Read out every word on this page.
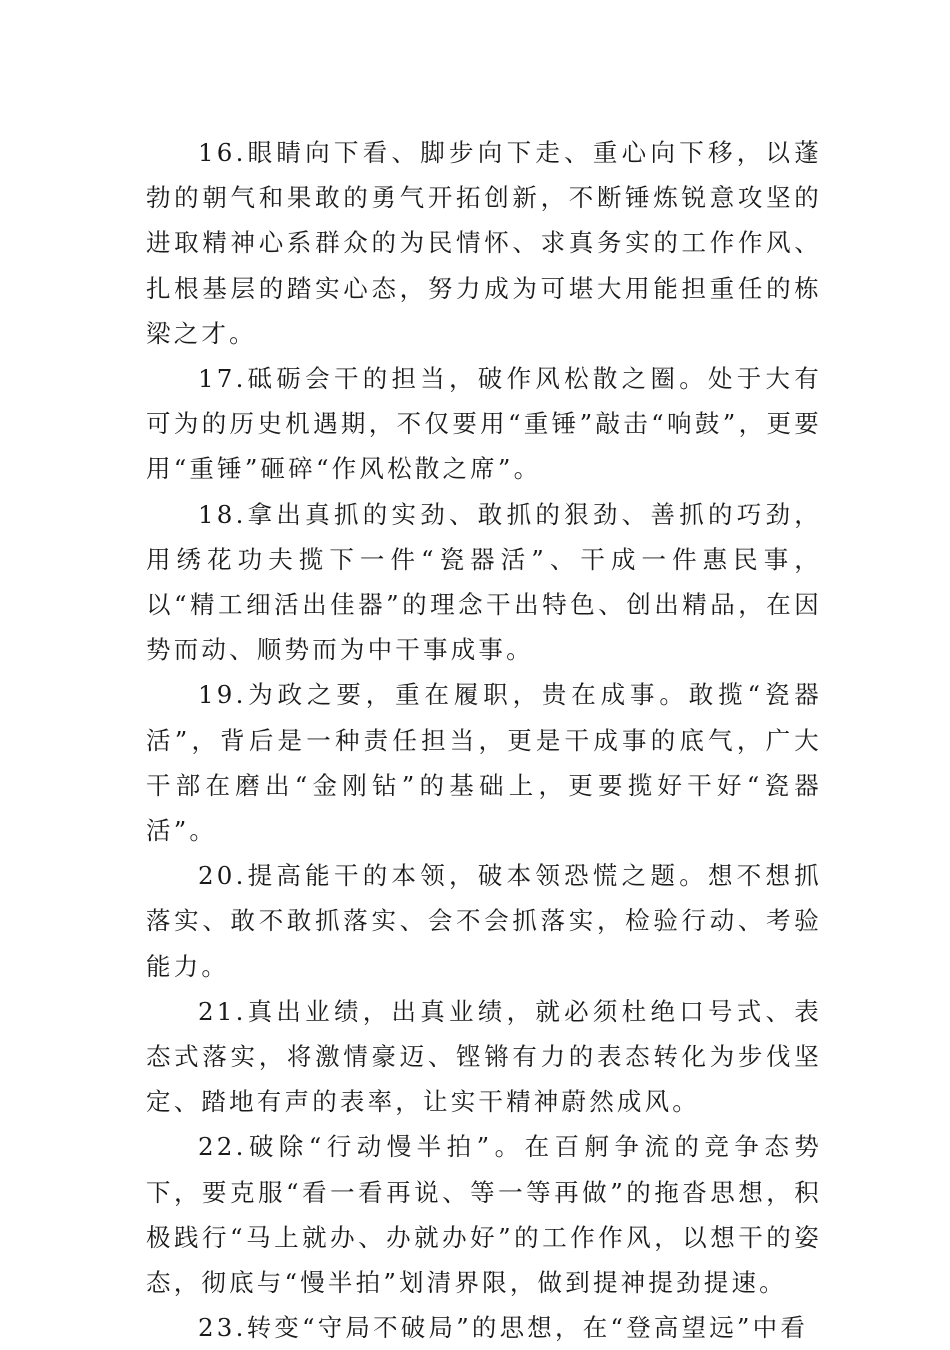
16.眼睛向下看、脚步向下走、重心向下移，以蓬勃的朝气和果敢的勇气开拓创新，不断锤炼锐意攻坚的进取精神心系群众的为民情怀、求真务实的工作作风、扎根基层的踏实心态，努力成为可堪大用能担重任的栋梁之才。

17.砥砺会干的担当，破作风松散之圈。处于大有可为的历史机遇期，不仅要用“重锤”敲击“响鼓”，更要用“重锤”砸碎“作风松散之席”。

18.拿出真抓的实劲、敢抓的狠劲、善抓的巧劲，用绣花功夫揽下一件“瓷器活”、干成一件惠民事，以“精工细活出佳器”的理念干出特色、创出精品，在因势而动、顺势而为中干事成事。

19.为政之要，重在履职，贵在成事。敢揽“瓷器活”，背后是一种责任担当，更是干成事的底气，广大干部在磨出“金刚钻”的基础上，更要揽好干好“瓷器活”。

20.提高能干的本领，破本领恐慌之题。想不想抓落实、敢不敢抓落实、会不会抓落实，检验行动、考验能力。

21.真出业绩，出真业绩，就必须杜绝口号式、表态式落实，将激情豪迈、铿锵有力的表态转化为步伐坚定、踏地有声的表率，让实干精神蔚然成风。

22.破除“行动慢半拍”。在百舸争流的竞争态势下，要克服“看一看再说、等一等再做”的拖沓思想，积极践行“马上就办、办就办好”的工作作风，以想干的姿态，彻底与“慢半拍”划清界限，做到提神提劲提速。

23.转变“守局不破局”的思想，在“登高望远”中看
